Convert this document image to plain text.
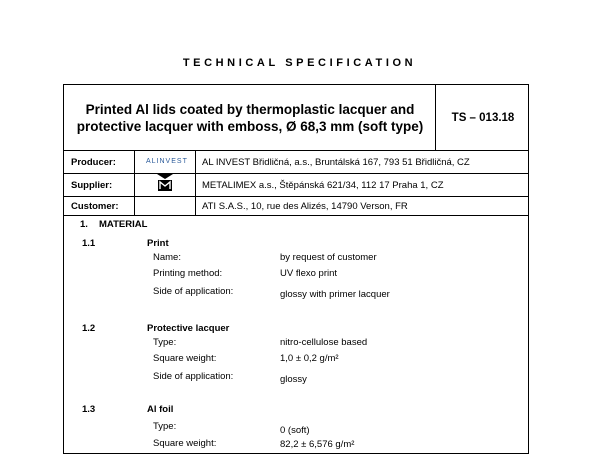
TECHNICAL SPECIFICATION
Printed Al lids coated by thermoplastic lacquer and
protective lacquer with emboss, Ø 68,3 mm (soft type)
TS – 013.18
Producer:	ALINVEST AL INVEST Břidličná, a.s., Bruntálská 167, 793 51 Břidličná, CZ
Supplier:	METALIMEX a.s., Štěpánská 621/34, 112 17 Praha 1, CZ
Customer:	ATI S.A.S., 10, rue des Alizés, 14790 Verson, FR
1. MATERIAL
1.1	Print
Name:	by request of customer
Printing method:	UV flexo print
Side of application:	glossy with primer lacquer
1.2	Protective lacquer
Type:	nitro-cellulose based
Square weight:	1,0 ± 0,2 g/m²
Side of application:	glossy
1.3	Al foil
Type:	0 (soft)
Square weight:	82,2 ± 6,576 g/m²
